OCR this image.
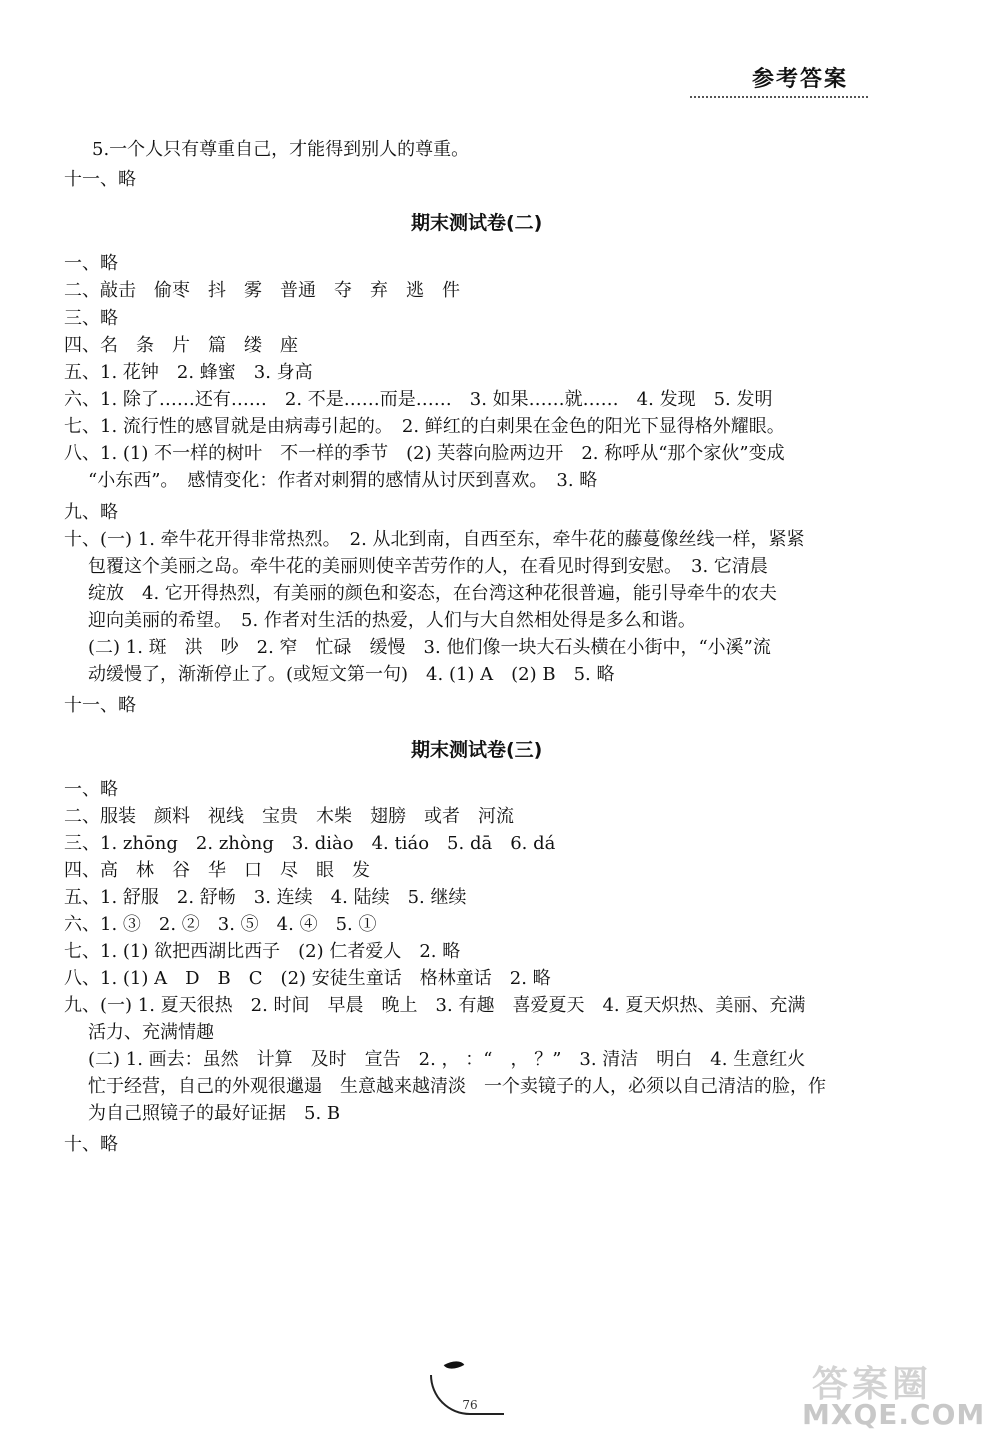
参考答案
5.一个人只有尊重自己，才能得到别人的尊重。
十一、略
期末测试卷(二)
一、略
二、敲击　偷枣　抖　雾　普通　夺　弃　逃　件
三、略
四、名　条　片　篇　缕　座
五、1. 花钟　2. 蜂蜜　3. 身高
六、1. 除了……还有……　2. 不是……而是……　3. 如果……就……　4. 发现　5. 发明
七、1. 流行性的感冒就是由病毒引起的。　2. 鲜红的白刺果在金色的阳光下显得格外耀眼。
八、1. (1) 不一样的树叶　不一样的季节　(2) 芙蓉向脸两边开　2. 称呼从“那个家伙”变成
“小东西”。　感情变化：作者对刺猬的感情从讨厌到喜欢。　3. 略
九、略
十、(一) 1. 牵牛花开得非常热烈。　2. 从北到南，自西至东，牵牛花的藤蔓像丝线一样，紧紧
包覆这个美丽之岛。牵牛花的美丽则使辛苦劳作的人，在看见时得到安慰。　3. 它清晨
绽放　4. 它开得热烈，有美丽的颜色和姿态，在台湾这种花很普遍，能引导牵牛的农夫
迎向美丽的希望。　5. 作者对生活的热爱，人们与大自然相处得是多么和谐。
(二) 1. 斑　洪　吵　2. 窄　忙碌　缓慢　3. 他们像一块大石头横在小街中，“小溪”流
动缓慢了，渐渐停止了。(或短文第一句)　4. (1) A　(2) B　5. 略
十一、略
期末测试卷(三)
一、略
二、服装　颜料　视线　宝贵　木柴　翅膀　或者　河流
三、1. zhōng　2. zhòng　3. diào　4. tiáo　5. dā　6. dá
四、高　林　谷　华　口　尽　眼　发
五、1. 舒服　2. 舒畅　3. 连续　4. 陆续　5. 继续
六、1. ③　2. ②　3. ⑤　4. ④　5. ①
七、1. (1) 欲把西湖比西子　(2) 仁者爱人　2. 略
八、1. (1) A　D　B　C　(2) 安徒生童话　格林童话　2. 略
九、(一) 1. 夏天很热　2. 时间　早晨　晚上　3. 有趣　喜爱夏天　4. 夏天炽热、美丽、充满
活力、充满情趣
(二) 1. 画去：虽然　计算　及时　宣告　2. ， ：“　， ？”　3. 清洁　明白　4. 生意红火
忙于经营，自己的外观很邋遢　生意越来越清淡　一个卖镜子的人，必须以自己清洁的脸，作
为自己照镜子的最好证据　5. B
十、略
76	答案圈
MXQE.COM
